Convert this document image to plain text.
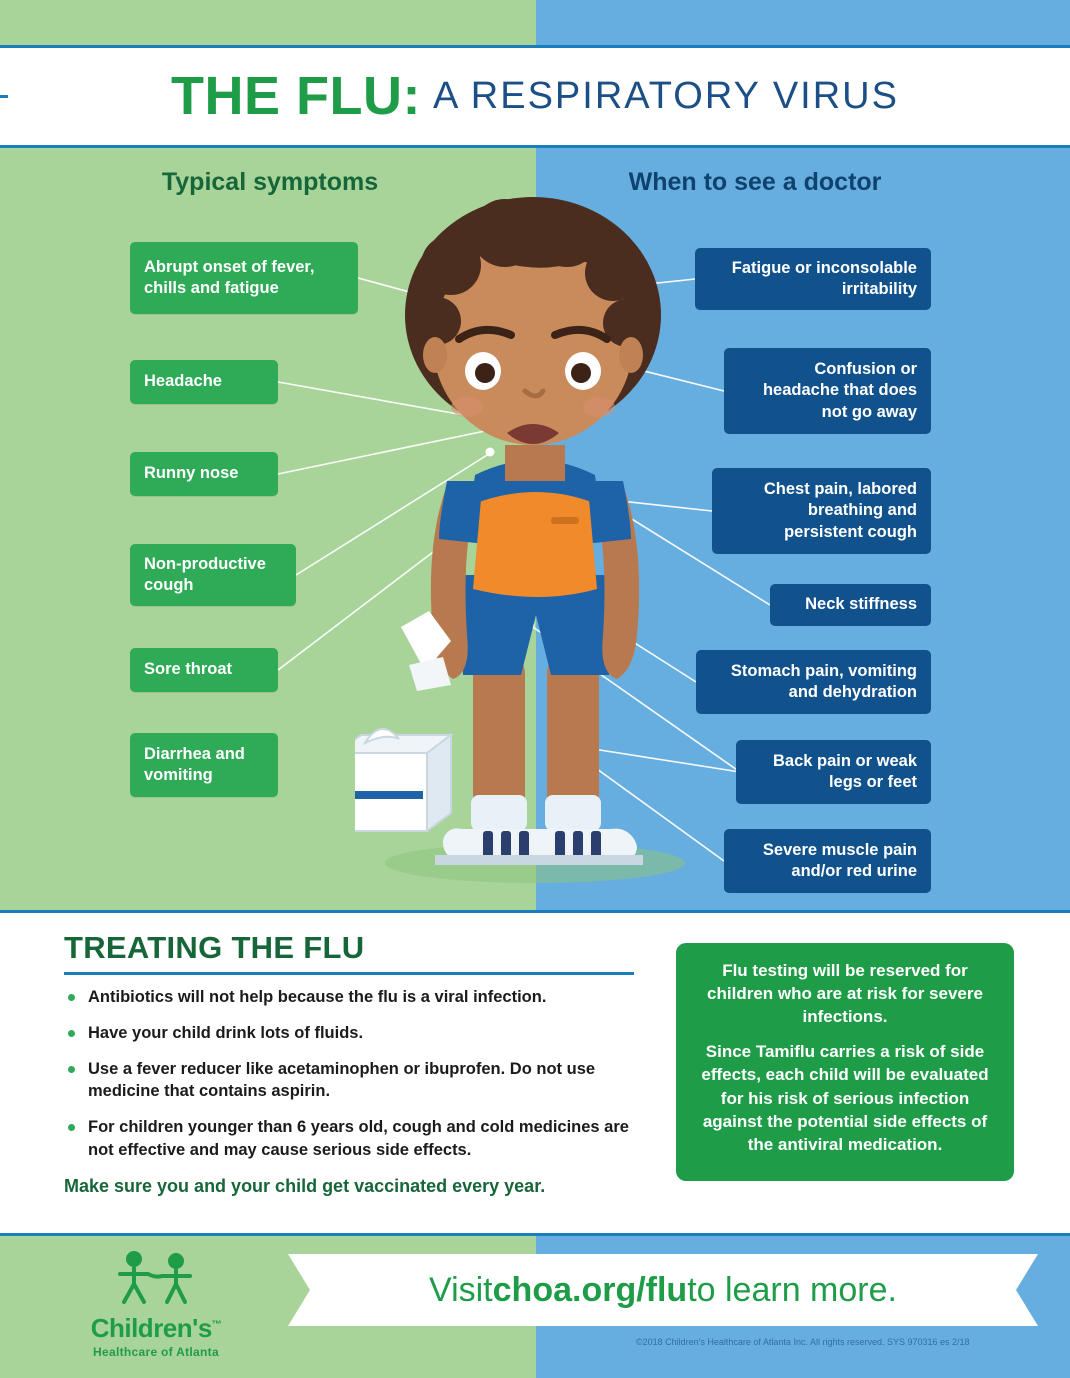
THE FLU: A RESPIRATORY VIRUS
Typical symptoms	When to see a doctor
Abrupt onset of fever, chills and fatigue
Headache
Runny nose
Non-productive cough
Sore throat
Diarrhea and vomiting
Fatigue or inconsolable irritability
Confusion or headache that does not go away
Chest pain, labored breathing and persistent cough
Neck stiffness
Stomach pain, vomiting and dehydration
Back pain or weak legs or feet
Severe muscle pain and/or red urine
TREATING THE FLU
Antibiotics will not help because the flu is a viral infection.
Have your child drink lots of fluids.
Use a fever reducer like acetaminophen or ibuprofen. Do not use medicine that contains aspirin.
For children younger than 6 years old, cough and cold medicines are not effective and may cause serious side effects.
Make sure you and your child get vaccinated every year.

Flu testing will be reserved for children who are at risk for severe infections.

Since Tamiflu carries a risk of side effects, each child will be evaluated for his risk of serious infection against the potential side effects of the antiviral medication.

Children's™
Healthcare of Atlanta
Visit choa.org/flu to learn more.
©2018 Children's Healthcare of Atlanta Inc. All rights reserved. SYS 970316 es 2/18
